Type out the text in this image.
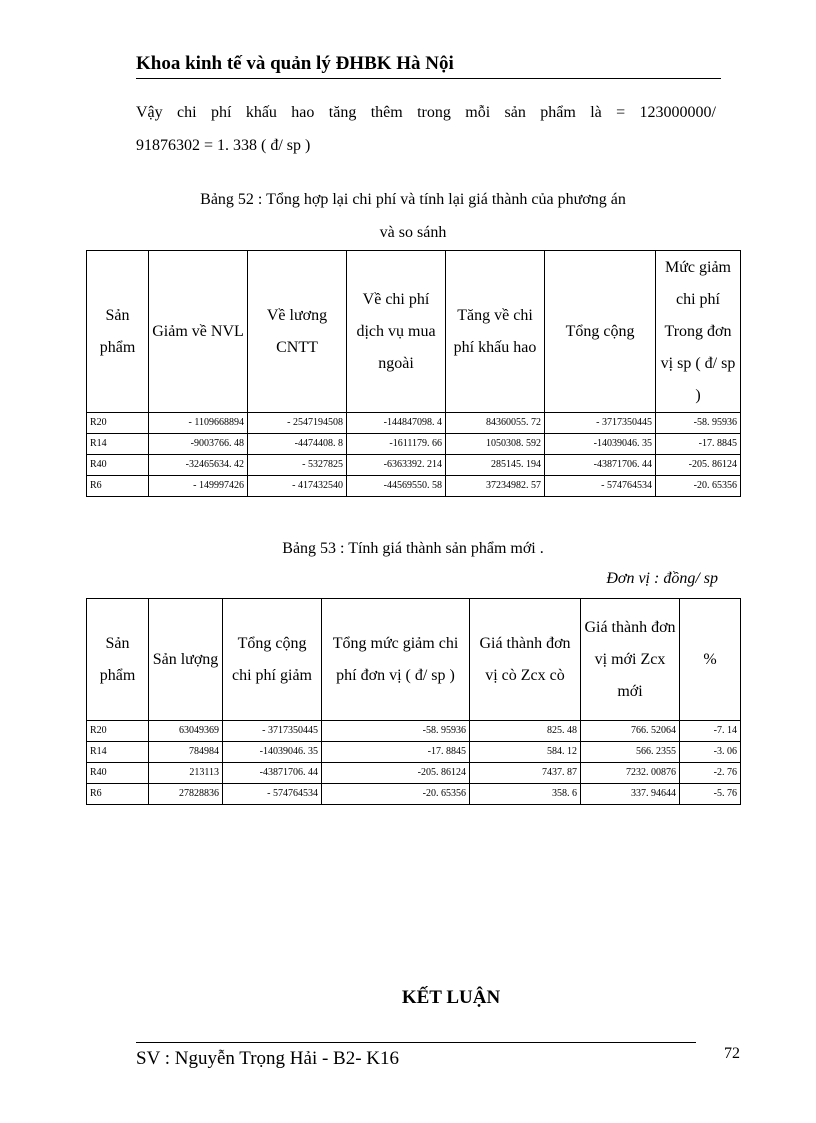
Khoa kinh tế và quản lý ĐHBK Hà Nội
Vậy chi phí khấu hao tăng thêm trong mỗi sản phẩm là = 123000000/
91876302 = 1. 338 ( đ/ sp )
Bảng 52 : Tổng hợp lại chi phí và tính lại giá thành của phương án
và so sánh
Sản phẩm	Giảm về NVL	Về lương CNTT	Về chi phí dịch vụ mua ngoài	Tăng về chi phí khấu hao	Tổng cộng	Mức giảm chi phí Trong đơn vị sp ( đ/ sp )
R20	- 1109668894	- 2547194508	-144847098. 4	84360055. 72	- 3717350445	-58. 95936
R14	-9003766. 48	-4474408. 8	-1611179. 66	1050308. 592	-14039046. 35	-17. 8845
R40	-32465634. 42	- 5327825	-6363392. 214	285145. 194	-43871706. 44	-205. 86124
R6	- 149997426	- 417432540	-44569550. 58	37234982. 57	- 574764534	-20. 65356
Bảng 53 : Tính giá thành sản phẩm mới .
Đơn vị : đồng/ sp
Sản phẩm	Sản lượng	Tổng cộng chi phí giảm	Tổng mức giảm chi phí đơn vị ( đ/ sp )	Giá thành đơn vị cò Zcx cò	Giá thành đơn vị mới Zcx mới	%
R20	63049369	- 3717350445	-58. 95936	825. 48	766. 52064	-7. 14
R14	784984	-14039046. 35	-17. 8845	584. 12	566. 2355	-3. 06
R40	213113	-43871706. 44	-205. 86124	7437. 87	7232. 00876	-2. 76
R6	27828836	- 574764534	-20. 65356	358. 6	337. 94644	-5. 76
KẾT LUẬN
SV : Nguyễn Trọng Hải - B2- K16	72
